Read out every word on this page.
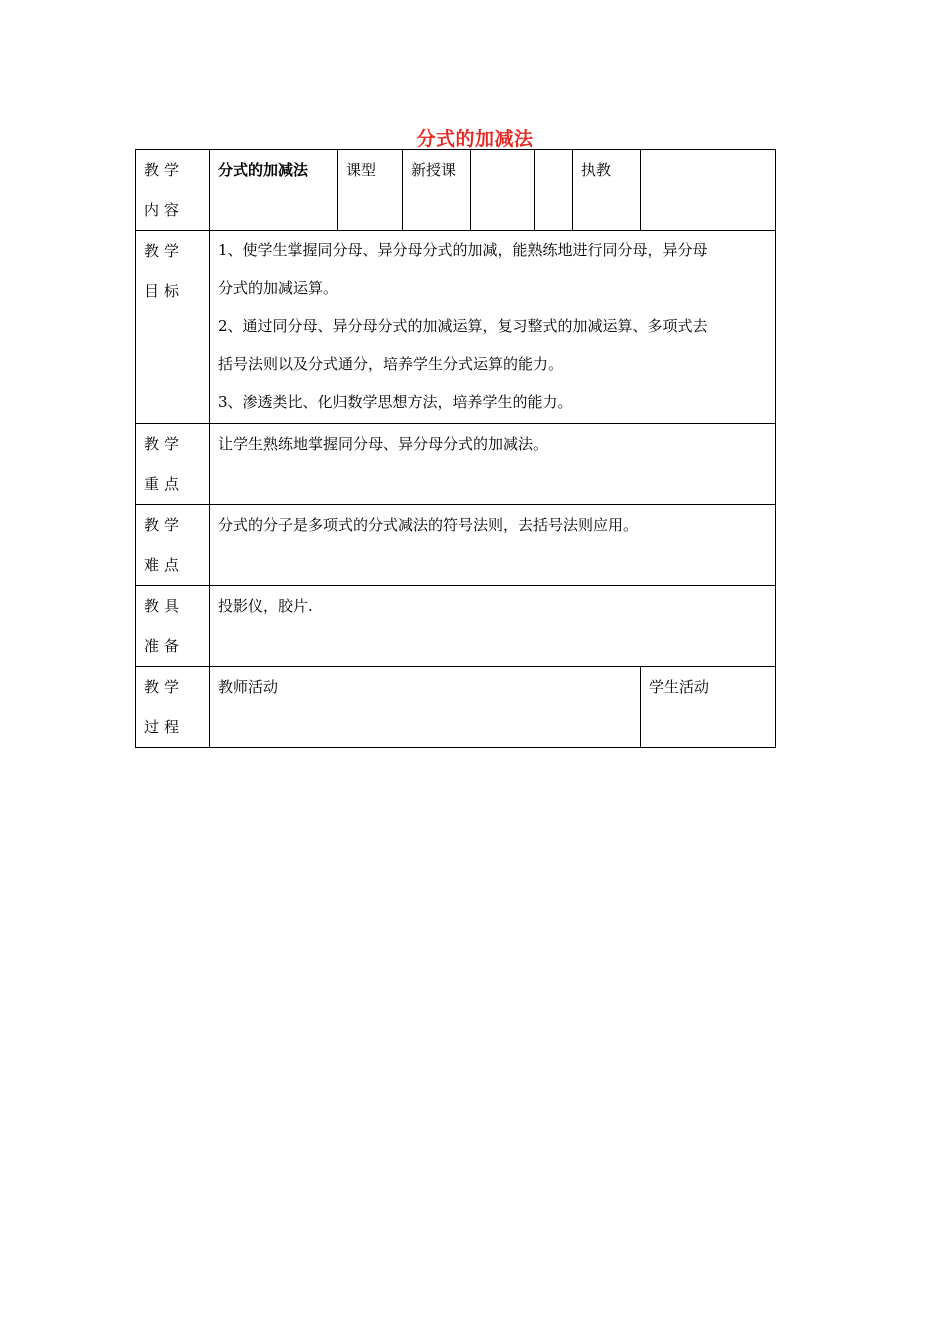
分式的加减法
教学内容	分式的加减法	课型	新授课			执教	
教学目标	1、使学生掌握同分母、异分母分式的加减，能熟练地进行同分母，异分母
分式的加减运算。
2、通过同分母、异分母分式的加减运算，复习整式的加减运算、多项式去
括号法则以及分式通分，培养学生分式运算的能力。
3、渗透类比、化归数学思想方法，培养学生的能力。						

教学重点	让学生熟练地掌握同分母、异分母分式的加减法。						
教学难点	分式的分子是多项式的分式减法的符号法则，去括号法则应用。						
教具准备	投影仪，胶片.						
教学过程	教师活动						学生活动
